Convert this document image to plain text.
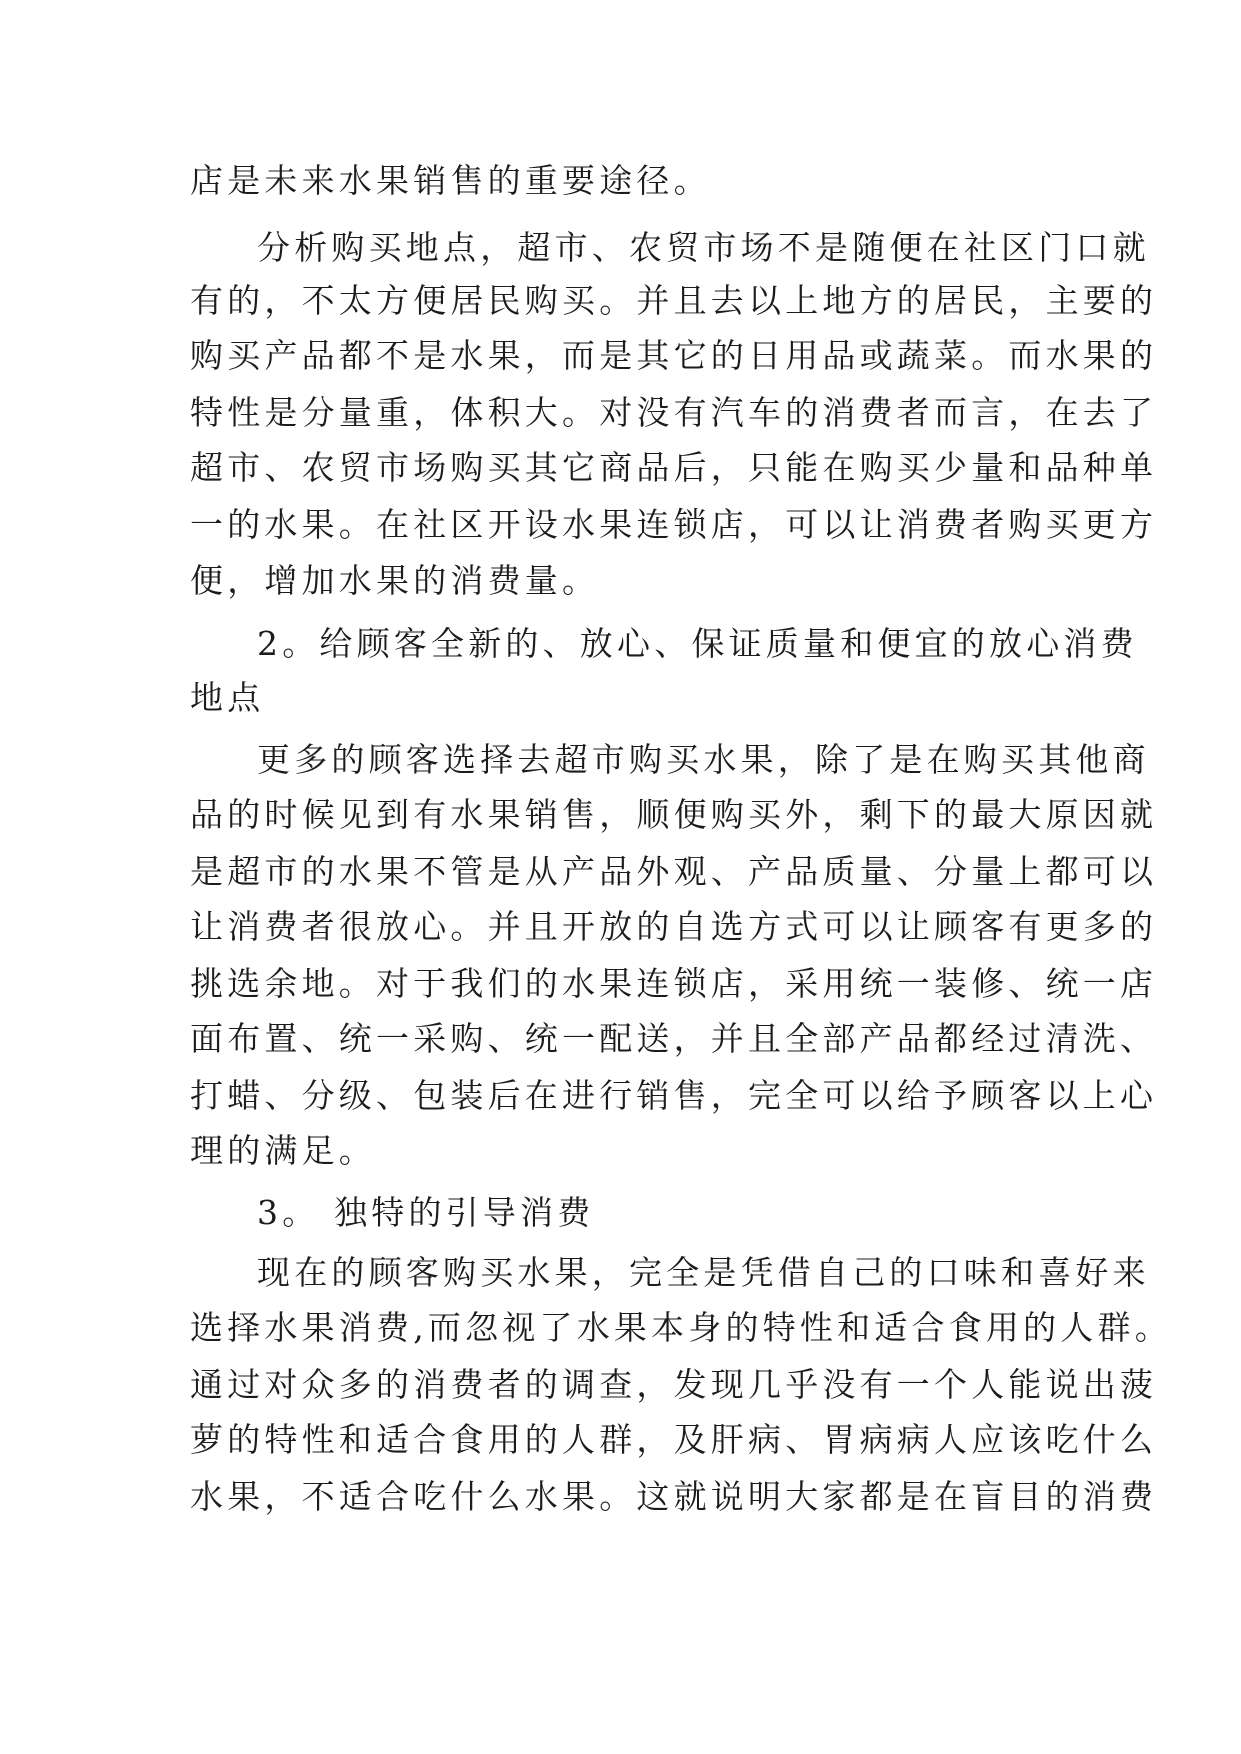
店是未来水果销售的重要途径。
分析购买地点，超市、农贸市场不是随便在社区门口就
有的，不太方便居民购买。并且去以上地方的居民，主要的
购买产品都不是水果，而是其它的日用品或蔬菜。而水果的
特性是分量重，体积大。对没有汽车的消费者而言，在去了
超市、农贸市场购买其它商品后，只能在购买少量和品种单
一的水果。在社区开设水果连锁店，可以让消费者购买更方
便，增加水果的消费量。
2。给顾客全新的、放心、保证质量和便宜的放心消费
地点
更多的顾客选择去超市购买水果，除了是在购买其他商
品的时候见到有水果销售，顺便购买外，剩下的最大原因就
是超市的水果不管是从产品外观、产品质量、分量上都可以
让消费者很放心。并且开放的自选方式可以让顾客有更多的
挑选余地。对于我们的水果连锁店，采用统一装修、统一店
面布置、统一采购、统一配送，并且全部产品都经过清洗、
打蜡、分级、包装后在进行销售，完全可以给予顾客以上心
理的满足。
3。 独特的引导消费
现在的顾客购买水果，完全是凭借自己的口味和喜好来
选择水果消费,而忽视了水果本身的特性和适合食用的人群。
通过对众多的消费者的调查，发现几乎没有一个人能说出菠
萝的特性和适合食用的人群，及肝病、胃病病人应该吃什么
水果，不适合吃什么水果。这就说明大家都是在盲目的消费
